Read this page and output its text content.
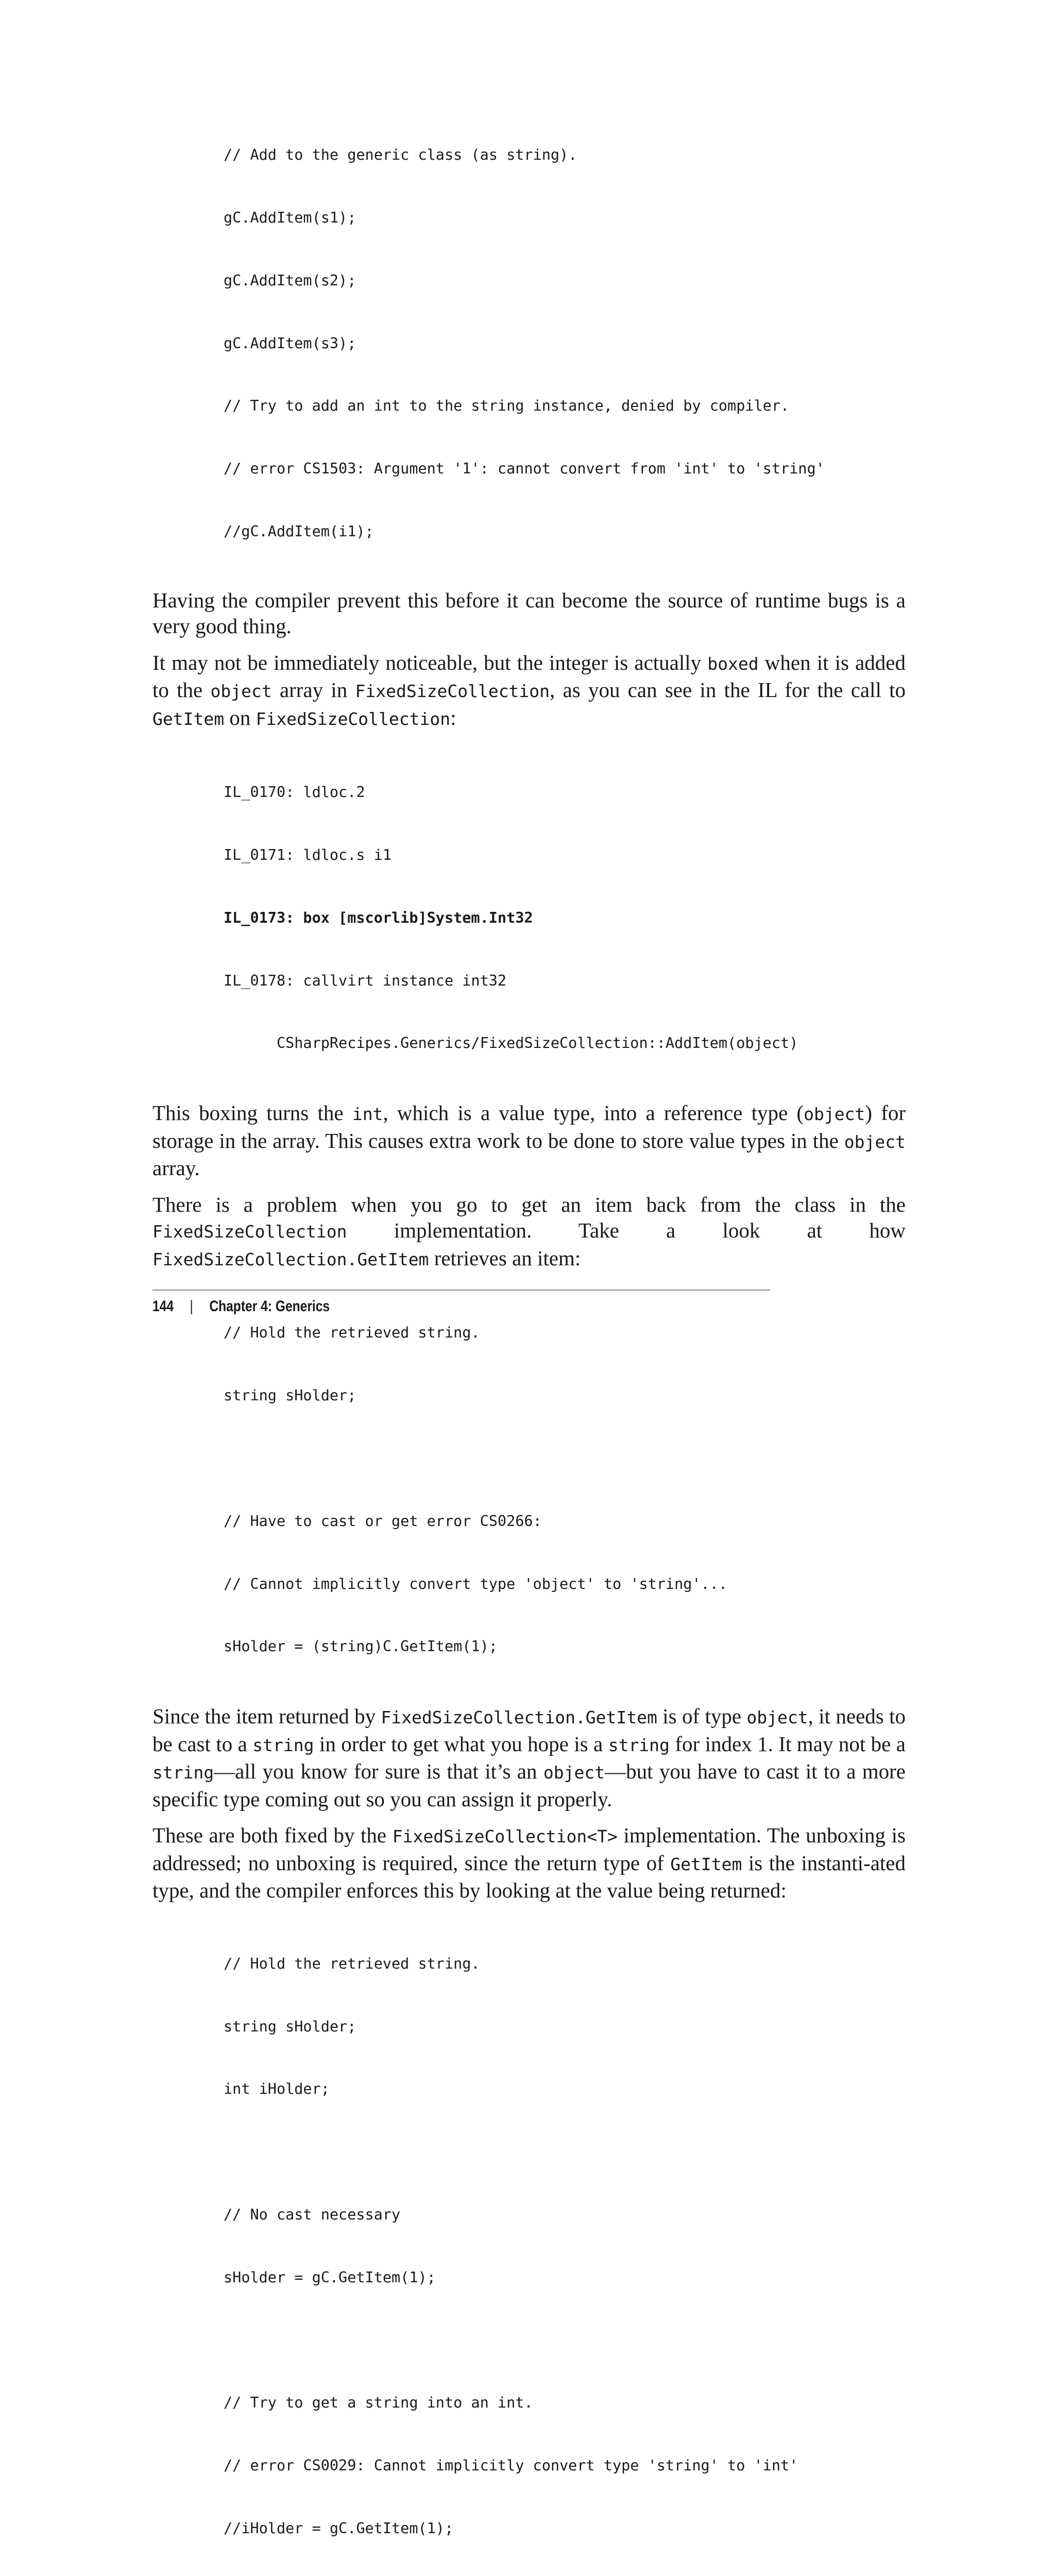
// Add to the generic class (as string).

gC.AddItem(s1);

gC.AddItem(s2);

gC.AddItem(s3);

// Try to add an int to the string instance, denied by compiler.

// error CS1503: Argument '1': cannot convert from 'int' to 'string'

//gC.AddItem(i1);

Having the compiler prevent this before it can become the source of runtime bugs is a very good thing.

It may not be immediately noticeable, but the integer is actually boxed when it is added to the object array in FixedSizeCollection, as you can see in the IL for the call to GetItem on FixedSizeCollection:

IL_0170: ldloc.2

IL_0171: ldloc.s i1

IL_0173: box [mscorlib]System.Int32

IL_0178: callvirt instance int32

CSharpRecipes.Generics/FixedSizeCollection::AddItem(object)

This boxing turns the int, which is a value type, into a reference type (object) for storage in the array. This causes extra work to be done to store value types in the object array.

There is a problem when you go to get an item back from the class in the FixedSizeCollection implementation. Take a look at how FixedSizeCollection.GetItem retrieves an item:

// Hold the retrieved string.

string sHolder;

// Have to cast or get error CS0266:

// Cannot implicitly convert type 'object' to 'string'...

sHolder = (string)C.GetItem(1);

Since the item returned by FixedSizeCollection.GetItem is of type object, it needs to be cast to a string in order to get what you hope is a string for index 1. It may not be a string—all you know for sure is that it’s an object—but you have to cast it to a more specific type coming out so you can assign it properly.

These are both fixed by the FixedSizeCollection<T> implementation. The unboxing is addressed; no unboxing is required, since the return type of GetItem is the instanti-ated type, and the compiler enforces this by looking at the value being returned:

// Hold the retrieved string.

string sHolder;

int iHolder;

// No cast necessary

sHolder = gC.GetItem(1);

// Try to get a string into an int.

// error CS0029: Cannot implicitly convert type 'string' to 'int'

//iHolder = gC.GetItem(1);

144 | Chapter 4: Generics
